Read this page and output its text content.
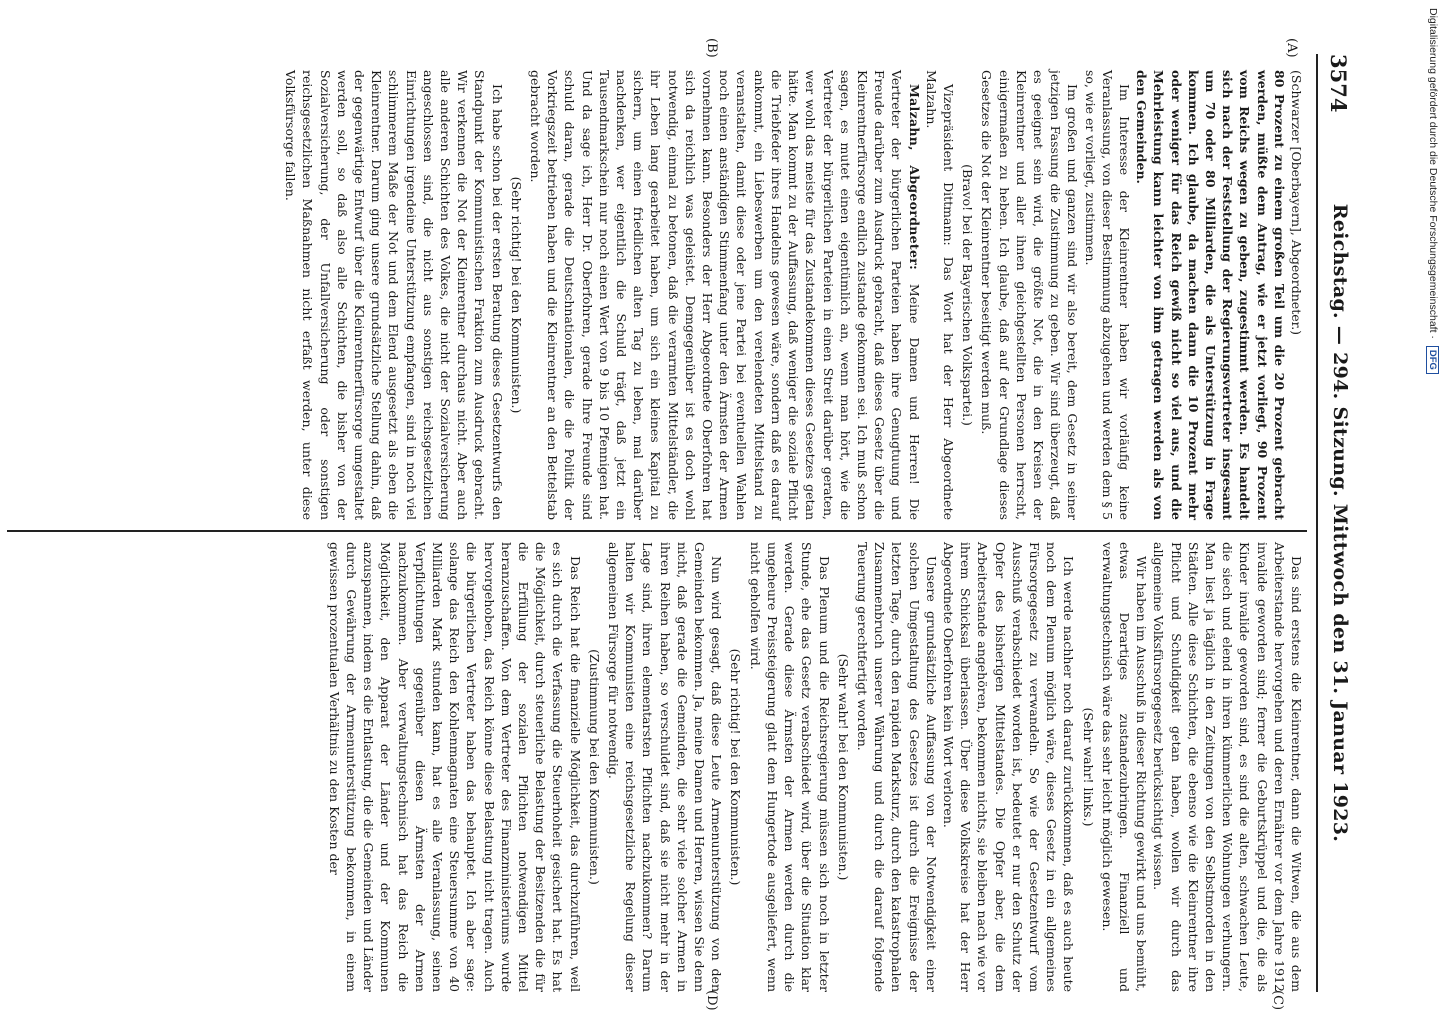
3574
Reichstag. — 294. Sitzung. Mittwoch den 31. Januar 1923.
(A)
(B)
(C)
(D)

(Schwarzer [Oberbayern], Abgeordneter.)

80 Prozent zu einem großen Teil um die 20 Prozent gebracht werden, müßte dem Antrag, wie er jetzt vorliegt, 90 Prozent vom Reichs wegen zu geben, zugestimmt werden. Es handelt sich nach der Feststellung der Regierungsvertreter insgesamt um 70 oder 80 Milliarden, die als Unterstützung in Frage kommen. Ich glaube, da machen dann die 10 Prozent mehr oder weniger für das Reich gewiß nicht so viel aus, und die Mehrleistung kann leichter von ihm getragen werden als von den Gemeinden.

Im Interesse der Kleinrentner haben wir vorläufig keine Veranlassung, von dieser Bestimmung abzugehen und werden dem § 5 so, wie er vorliegt, zustimmen.

Im großen und ganzen sind wir also bereit, dem Gesetz in seiner jetzigen Fassung die Zustimmung zu geben. Wir sind überzeugt, daß es geeignet sein wird, die größte Not, die in den Kreisen der Kleinrentner und aller ihnen gleichgestellten Personen herrscht, einigermaßen zu heben. Ich glaube, daß auf der Grundlage dieses Gesetzes die Not der Kleinrentner beseitigt werden muß.

(Bravo! bei der Bayerischen Volkspartei.)

Vizepräsident Dittmann: Das Wort hat der Herr Abgeordnete Malzahn.

Malzahn, Abgeordneter: Meine Damen und Herren! Die Vertreter der bürgerlichen Parteien haben ihre Genugtuung und Freude darüber zum Ausdruck gebracht, daß dieses Gesetz über die Kleinrentnerfürsorge endlich zustande gekommen sei. Ich muß schon sagen, es mutet einen eigentümlich an, wenn man hört, wie die Vertreter der bürgerlichen Parteien in einen Streit darüber geraten, wer wohl das meiste für das Zustandekommen dieses Gesetzes getan hätte. Man kommt zu der Auffassung, daß weniger die soziale Pflicht die Triebfeder ihres Handelns gewesen wäre, sondern daß es darauf ankommt, ein Liebeswerben um den verelendeten Mittelstand zu veranstalten, damit diese oder jene Partei bei eventuellen Wahlen noch einen anständigen Stimmenfang unter den Ärmsten der Armen vornehmen kann. Besonders der Herr Abgeordnete Oberfohren hat sich da reichlich was geleistet. Demgegenüber ist es doch wohl notwendig, einmal zu betonen, daß die verarmten Mittelständler, die ihr Leben lang gearbeitet haben, um sich ein kleines Kapital zu sichern, um einen friedlichen alten Tag zu leben, mal darüber nachdenken, wer eigentlich die Schuld trägt, daß jetzt ein Tausendmarkschein nur noch einen Wert von 9 bis 10 Pfennigen hat. Und da sage ich, Herr Dr. Oberfohren, gerade Ihre Freunde sind schuld daran, gerade die Deutschnationalen, die die Politik der Vorkriegszeit betrieben haben und die Kleinrentner an den Bettelstab gebracht worden.

(Sehr richtig! bei den Kommunisten.)

Ich habe schon bei der ersten Beratung dieses Gesetzentwurfs den Standpunkt der Kommunistischen Fraktion zum Ausdruck gebracht. Wir verkennen die Not der Kleinrentner durchaus nicht. Aber auch alle anderen Schichten des Volkes, die nicht der Sozialversicherung angeschlossen sind, die nicht aus sonstigen reichsgesetzlichen Einrichtungen irgendeine Unterstützung empfangen, sind in noch viel schlimmerem Maße der Not und dem Elend ausgesetzt als eben die Kleinrentner. Darum ging unsere grundsätzliche Stellung dahin, daß der gegenwärtige Entwurf über die Kleinrentnerfürsorge umgestaltet werden soll, so daß also alle Schichten, die bisher von der Sozialversicherung, der Unfallversicherung oder sonstigen reichsgesetzlichen Maßnahmen nicht erfaßt werden, unter diese Volksfürsorge fallen.

Das sind erstens die Kleinrentner, dann die Witwen, die aus dem Arbeiterstande hervorgehen und deren Ernährer vor dem Jahre 1912 invalide geworden sind; ferner die Geburtskrüppel und die, die als Kinder invalide geworden sind, es sind die alten, schwachen Leute, die siech und elend in ihren kümmerlichen Wohnungen verhungern. Man liest ja täglich in den Zeitungen von den Selbstmorden in den Städten. Alle diese Schichten, die ebenso wie die Kleinrentner ihre Pflicht und Schuldigkeit getan haben, wollen wir durch das allgemeine Volksfürsorgegesetz berücksichtigt wissen.

Wir haben im Ausschuß in dieser Richtung gewirkt und uns bemüht, etwas Derartiges zustandezubringen. Finanziell und verwaltungstechnisch wäre das sehr leicht möglich gewesen.

(Sehr wahr! links.)

Ich werde nachher noch darauf zurückkommen, daß es auch heute noch dem Plenum möglich wäre, dieses Gesetz in ein allgemeines Fürsorgegesetz zu verwandeln. So wie der Gesetzentwurf vom Ausschuß verabschiedet worden ist, bedeutet er nur den Schutz der Opfer des bisherigen Mittelstandes. Die Opfer aber, die dem Arbeiterstande angehören, bekommen nichts, sie bleiben nach wie vor ihrem Schicksal überlassen. Über diese Volkskreise hat der Herr Abgeordnete Oberfohren kein Wort verloren.

Unsere grundsätzliche Auffassung von der Notwendigkeit einer solchen Umgestaltung des Gesetzes ist durch die Ereignisse der letzten Tage, durch den rapiden Marksturz, durch den katastrophalen Zusammenbruch unserer Währung und durch die darauf folgende Teuerung gerechtfertigt worden.

(Sehr wahr! bei den Kommunisten.)

Das Plenum und die Reichsregierung müssen sich noch in letzter Stunde, ehe das Gesetz verabschiedet wird, über die Situation klar werden. Gerade diese Ärmsten der Armen werden durch die ungeheure Preissteigerung glatt dem Hungertode ausgeliefert, wenn nicht geholfen wird.

(Sehr richtig! bei den Kommunisten.)

Nun wird gesagt, daß diese Leute Armenunterstützung von den Gemeinden bekommen. Ja, meine Damen und Herren, wissen Sie denn nicht, daß gerade die Gemeinden, die sehr viele solcher Armen in ihren Reihen haben, so verschuldet sind, daß sie nicht mehr in der Lage sind, ihren elementarsten Pflichten nachzukommen? Darum halten wir Kommunisten eine reichsgesetzliche Regelung dieser allgemeinen Fürsorge für notwendig.

(Zustimmung bei den Kommunisten.)

Das Reich hat die finanzielle Möglichkeit, das durchzuführen, weil es sich durch die Verfassung die Steuerhoheit gesichert hat. Es hat die Möglichkeit, durch steuerliche Belastung der Besitzenden die für die Erfüllung der sozialen Pflichten notwendigen Mittel heranzuschaffen. Von dem Vertreter des Finanzministeriums wurde hervorgehoben, das Reich könne diese Belastung nicht tragen. Auch die bürgerlichen Vertreter haben das behauptet. Ich aber sage: solange das Reich den Kohlenmagnaten eine Steuersumme von 40 Milliarden Mark stunden kann, hat es alle Veranlassung, seinen Verpflichtungen gegenüber diesen Ärmsten der Armen nachzukommen. Aber verwaltungstechnisch hat das Reich die Möglichkeit, den Apparat der Länder und der Kommunen anzuspannen, indem es die Entlastung, die die Gemeinden und Länder durch Gewährung der Armenunterstützung bekommen, in einem gewissen prozentualen Verhältnis zu den Kosten der

Digitalisierung gefördert durch die Deutsche Forschungsgemeinschaft · DFG
